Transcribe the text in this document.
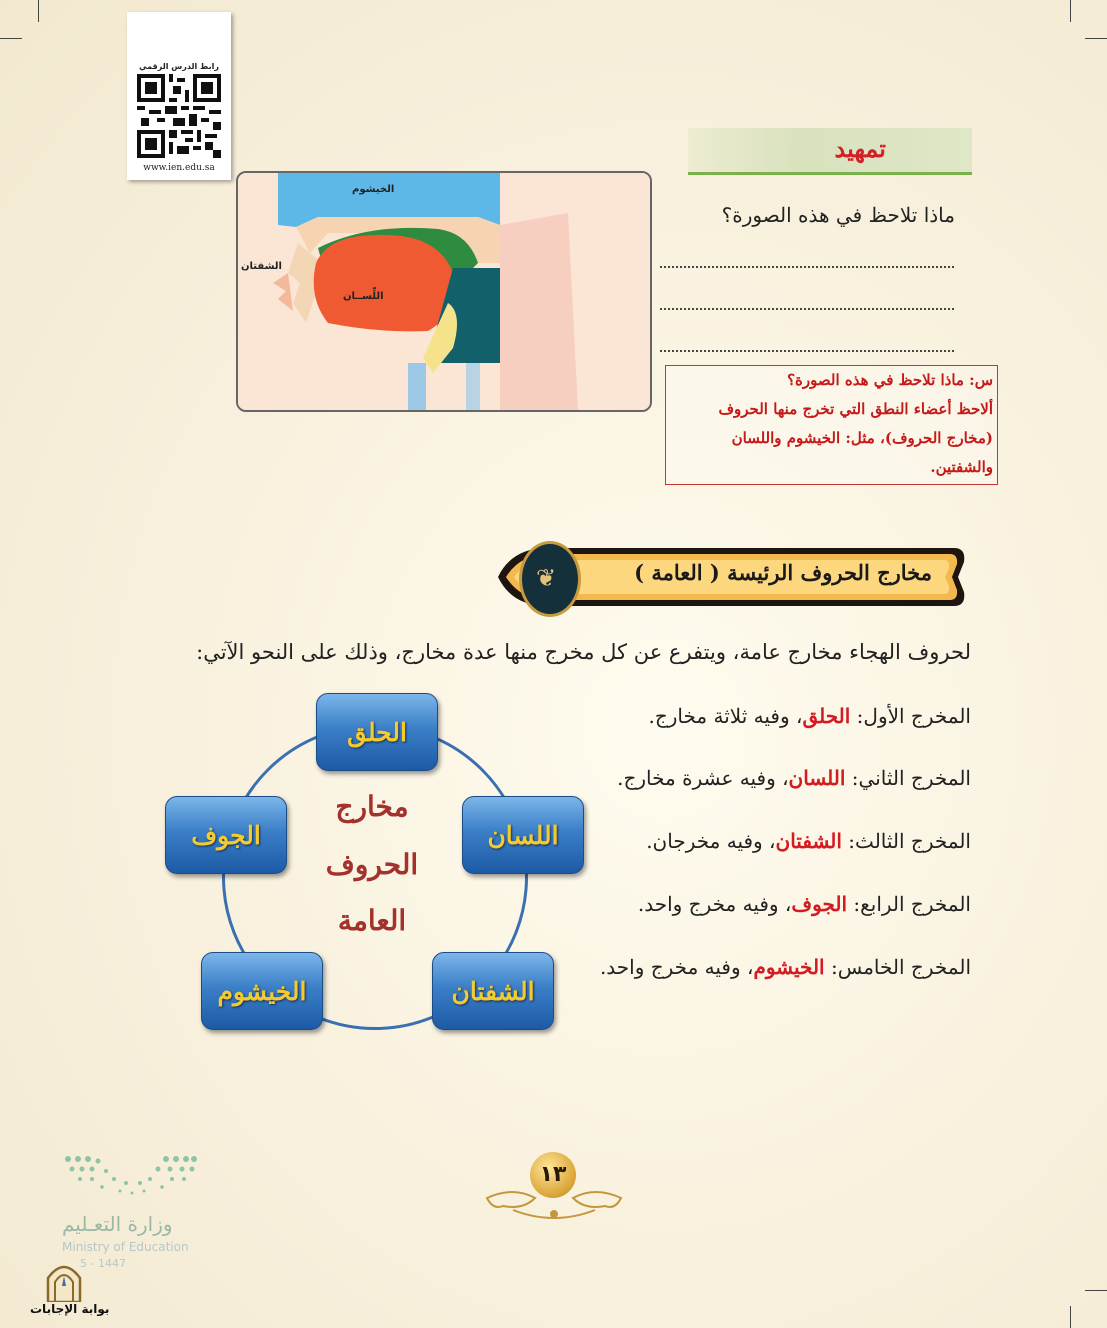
رابط الدرس الرقمي
www.ien.edu.sa
الخيشوم
الشفتان
اللِّســان
تمهيد
ماذا تلاحظ في هذه الصورة؟
س: ماذا تلاحظ في هذه الصورة؟
ألاحظ أعضاء النطق التي تخرج منها الحروف
(مخارج الحروف)، مثل: الخيشوم واللسان
والشفتين.
❦	مخارج الحروف الرئيسة ( العامة )
لحروف الهجاء مخارج عامة، ويتفرع عن كل مخرج منها عدة مخارج، وذلك على النحو الآتي:
المخرج الأول: الحلق، وفيه ثلاثة مخارج.
المخرج الثاني: اللسان، وفيه عشرة مخارج.
المخرج الثالث: الشفتان، وفيه مخرجان.
المخرج الرابع: الجوف، وفيه مخرج واحد.
المخرج الخامس: الخيشوم، وفيه مخرج واحد.
مخارج
الحروف
العامة
الحلق
اللسان
الشفتان
الخيشوم
الجوف
١٣
وزارة التعـليم
Ministry of Education
5 - 1447
بوابة الإجابات
